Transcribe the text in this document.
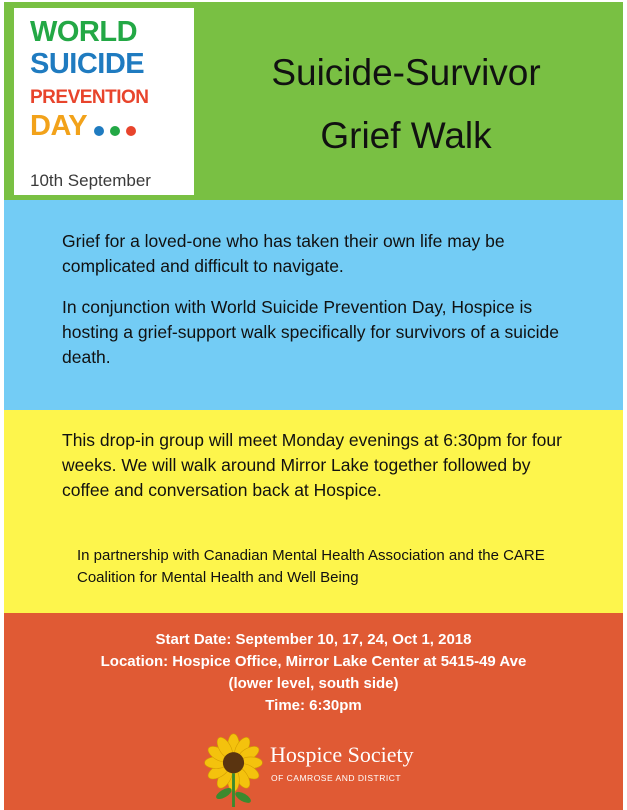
WORLD
SUICIDE
PREVENTION
DAY
10th September
Suicide-Survivor
Grief Walk
Grief for a loved-one who has taken their own life may be complicated and difficult to navigate.
In conjunction with World Suicide Prevention Day, Hospice is hosting a grief-support walk specifically for survivors of a suicide death.
This drop-in group will meet Monday evenings at 6:30pm for four weeks. We will walk around Mirror Lake together followed by coffee and conversation back at Hospice.
In partnership with Canadian Mental Health Association and the CARE Coalition for Mental Health and Well Being
Start Date: September 10, 17, 24, Oct 1, 2018
Location: Hospice Office, Mirror Lake Center at 5415-49 Ave
(lower level, south side)
Time: 6:30pm
Hospice Society
OF CAMROSE AND DISTRICT
